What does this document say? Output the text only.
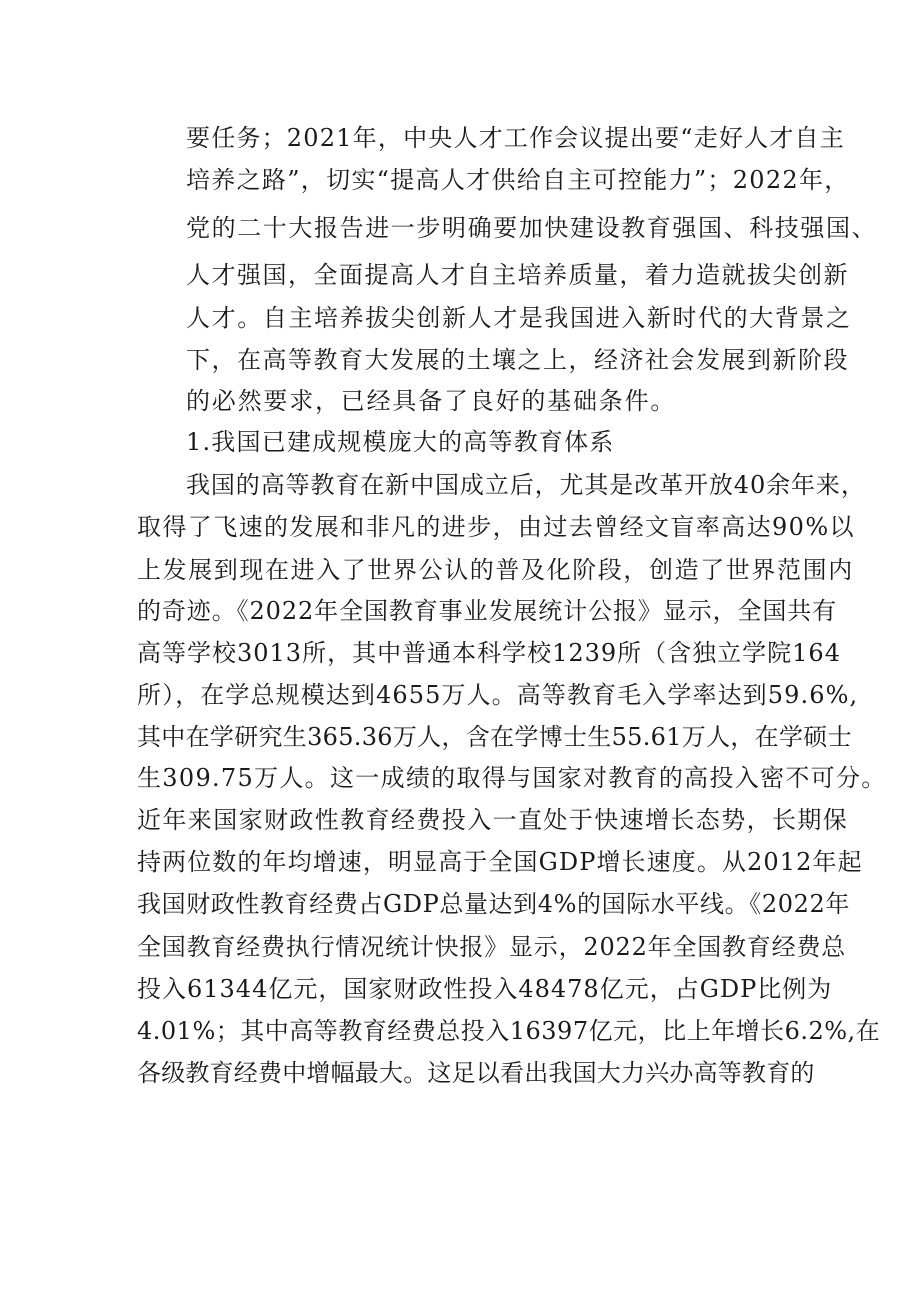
要任务；2021年，中央人才工作会议提出要“走好人才自主
培养之路”，切实“提高人才供给自主可控能力”；2022年，
党的二十大报告进一步明确要加快建设教育强国、科技强国、
人才强国，全面提高人才自主培养质量，着力造就拔尖创新
人才。自主培养拔尖创新人才是我国进入新时代的大背景之
下，在高等教育大发展的土壤之上，经济社会发展到新阶段
的必然要求，已经具备了良好的基础条件。
1.我国已建成规模庞大的高等教育体系
我国的高等教育在新中国成立后，尤其是改革开放40余年来，
取得了飞速的发展和非凡的进步，由过去曾经文盲率高达90%以
上发展到现在进入了世界公认的普及化阶段，创造了世界范围内
的奇迹。《2022年全国教育事业发展统计公报》显示，全国共有
高等学校3013所，其中普通本科学校1239所（含独立学院164
所），在学总规模达到4655万人。高等教育毛入学率达到59.6%,
其中在学研究生365.36万人，含在学博士生55.61万人，在学硕士
生309.75万人。这一成绩的取得与国家对教育的高投入密不可分。
近年来国家财政性教育经费投入一直处于快速增长态势，长期保
持两位数的年均增速，明显高于全国GDP增长速度。从2012年起
我国财政性教育经费占GDP总量达到4%的国际水平线。《2022年
全国教育经费执行情况统计快报》显示，2022年全国教育经费总
投入61344亿元，国家财政性投入48478亿元，占GDP比例为
4.01%；其中高等教育经费总投入16397亿元，比上年增长6.2%,在
各级教育经费中增幅最大。这足以看出我国大力兴办高等教育的
